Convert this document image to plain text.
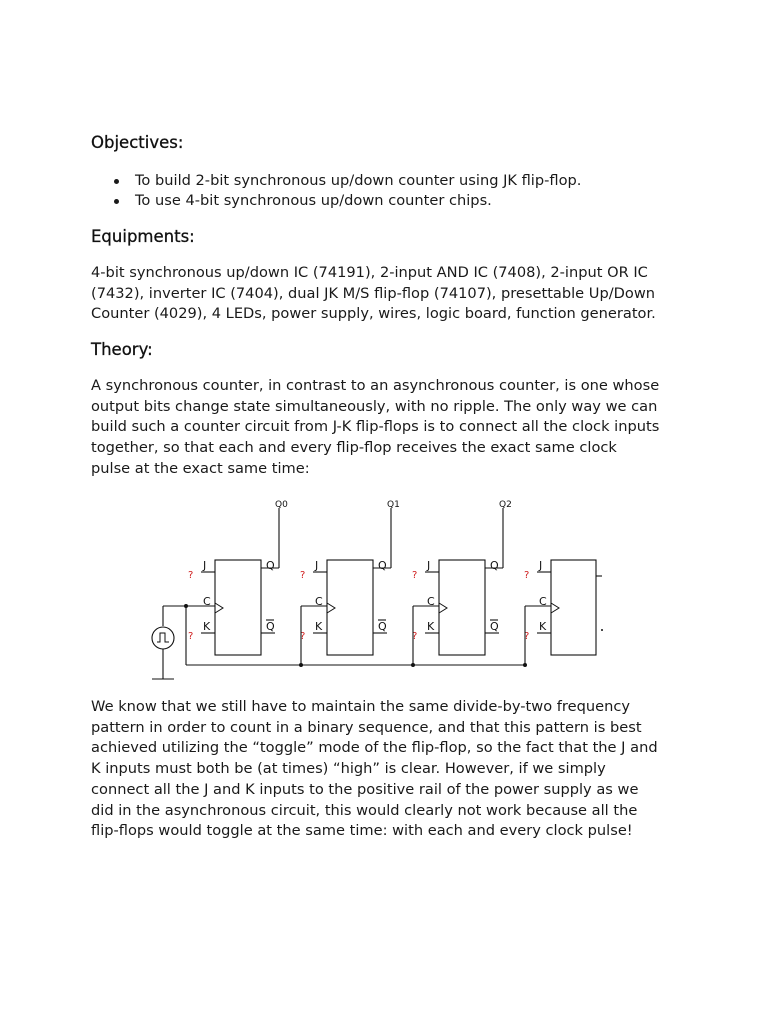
Objectives:
To build 2-bit synchronous up/down counter using JK flip-flop.
To use 4-bit synchronous up/down counter chips.
Equipments:

4-bit synchronous up/down IC (74191), 2-input AND IC (7408), 2-input OR IC
(7432), inverter IC (7404), dual JK M/S flip-flop (74107), presettable Up/Down
Counter (4029), 4 LEDs, power supply, wires, logic board, function generator.

Theory:

A synchronous counter, in contrast to an asynchronous counter, is one whose
output bits change state simultaneously, with no ripple. The only way we can
build such a counter circuit from J-K flip-flops is to connect all the clock inputs
together, so that each and every flip-flop receives the exact same clock
pulse at the exact same time:

We know that we still have to maintain the same divide-by-two frequency
pattern in order to count in a binary sequence, and that this pattern is best
achieved utilizing the “toggle” mode of the flip-flop, so the fact that the J and
K inputs must both be (at times) “high” is clear. However, if we simply
connect all the J and K inputs to the positive rail of the power supply as we
did in the asynchronous circuit, this would clearly not work because all the
flip-flops would toggle at the same time: with each and every clock pulse!

J
C
K
?
?
Q
Q
Q0
J
C
K
?
?
Q
Q
Q1
J
C
K
?
?
Q
Q
Q2
J
C
K
?
?
